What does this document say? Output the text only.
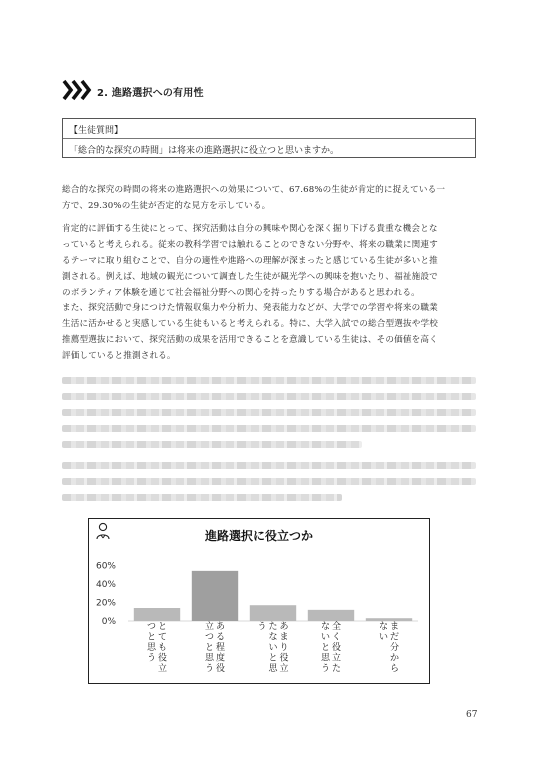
2. 進路選択への有用性
【生徒質問】
「総合的な探究の時間」は将来の進路選択に役立つと思いますか。
総合的な探究の時間の将来の進路選択への効果について、67.68%の生徒が肯定的に捉えている一
方で、29.30%の生徒が否定的な見方を示している。
肯定的に評価する生徒にとって、探究活動は自分の興味や関心を深く掘り下げる貴重な機会とな
っていると考えられる。従来の教科学習では触れることのできない分野や、将来の職業に関連す
るテーマに取り組むことで、自分の適性や進路への理解が深まったと感じている生徒が多いと推
測される。例えば、地域の観光について調査した生徒が観光学への興味を抱いたり、福祉施設で
のボランティア体験を通じて社会福祉分野への関心を持ったりする場合があると思われる。
また、探究活動で身につけた情報収集力や分析力、発表能力などが、大学での学習や将来の職業
生活に活かせると実感している生徒もいると考えられる。特に、大学入試での総合型選抜や学校
推薦型選抜において、探究活動の成果を活用できることを意識している生徒は、その価値を高く
評価していると推測される。
進路選択に役立つか
0%
20%
40%
60%
とても役立
つと思う
ある程度役
立つと思う
あまり役立
たないと思
う	全く役立た
ないと思う
まだ分から
ない
67
